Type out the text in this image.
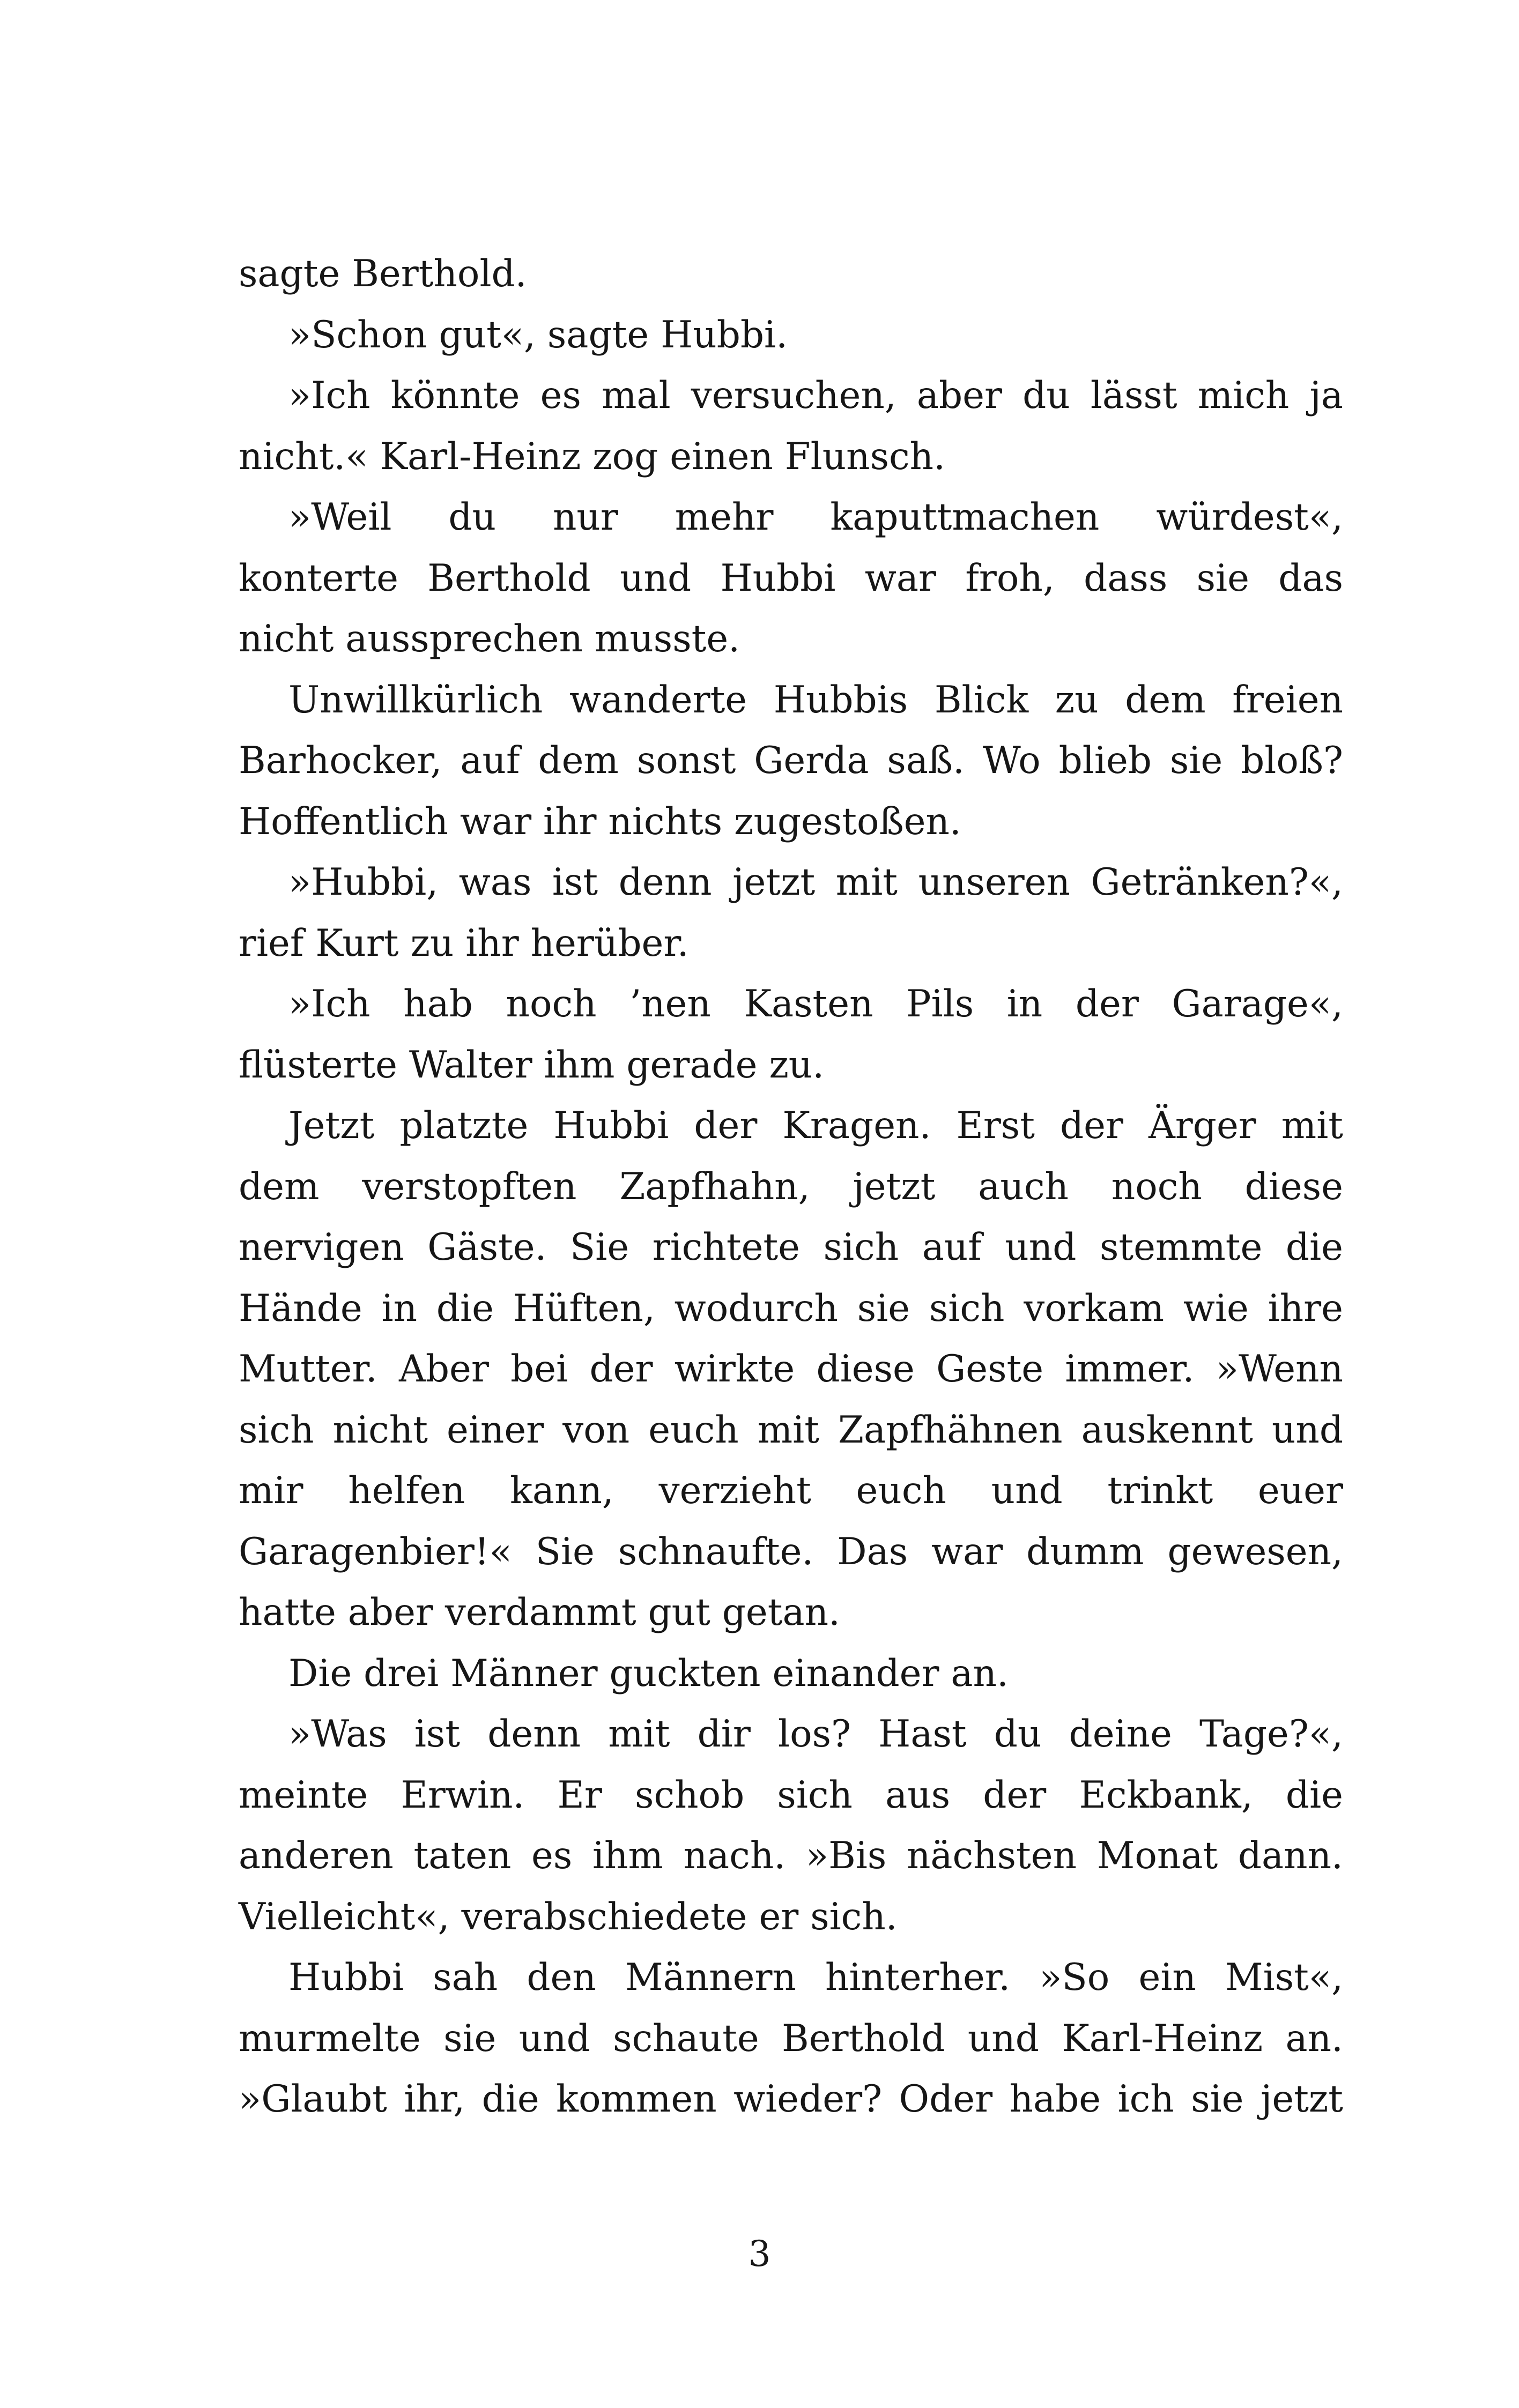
sagte Berthold.
»Schon gut«, sagte Hubbi.
»Ich könnte es mal versuchen, aber du lässt mich ja
nicht.« Karl-Heinz zog einen Flunsch.
»Weil du nur mehr kaputtmachen würdest«,
konterte Berthold und Hubbi war froh, dass sie das
nicht aussprechen musste.
Unwillkürlich wanderte Hubbis Blick zu dem freien
Barhocker, auf dem sonst Gerda saß. Wo blieb sie bloß?
Hoffentlich war ihr nichts zugestoßen.
»Hubbi, was ist denn jetzt mit unseren Getränken?«,
rief Kurt zu ihr herüber.
»Ich hab noch ’nen Kasten Pils in der Garage«,
flüsterte Walter ihm gerade zu.
Jetzt platzte Hubbi der Kragen. Erst der Ärger mit
dem verstopften Zapfhahn, jetzt auch noch diese
nervigen Gäste. Sie richtete sich auf und stemmte die
Hände in die Hüften, wodurch sie sich vorkam wie ihre
Mutter. Aber bei der wirkte diese Geste immer. »Wenn
sich nicht einer von euch mit Zapfhähnen auskennt und
mir helfen kann, verzieht euch und trinkt euer
Garagenbier!« Sie schnaufte. Das war dumm gewesen,
hatte aber verdammt gut getan.
Die drei Männer guckten einander an.
»Was ist denn mit dir los? Hast du deine Tage?«,
meinte Erwin. Er schob sich aus der Eckbank, die
anderen taten es ihm nach. »Bis nächsten Monat dann.
Vielleicht«, verabschiedete er sich.
Hubbi sah den Männern hinterher. »So ein Mist«,
murmelte sie und schaute Berthold und Karl-Heinz an.
»Glaubt ihr, die kommen wieder? Oder habe ich sie jetzt
3
